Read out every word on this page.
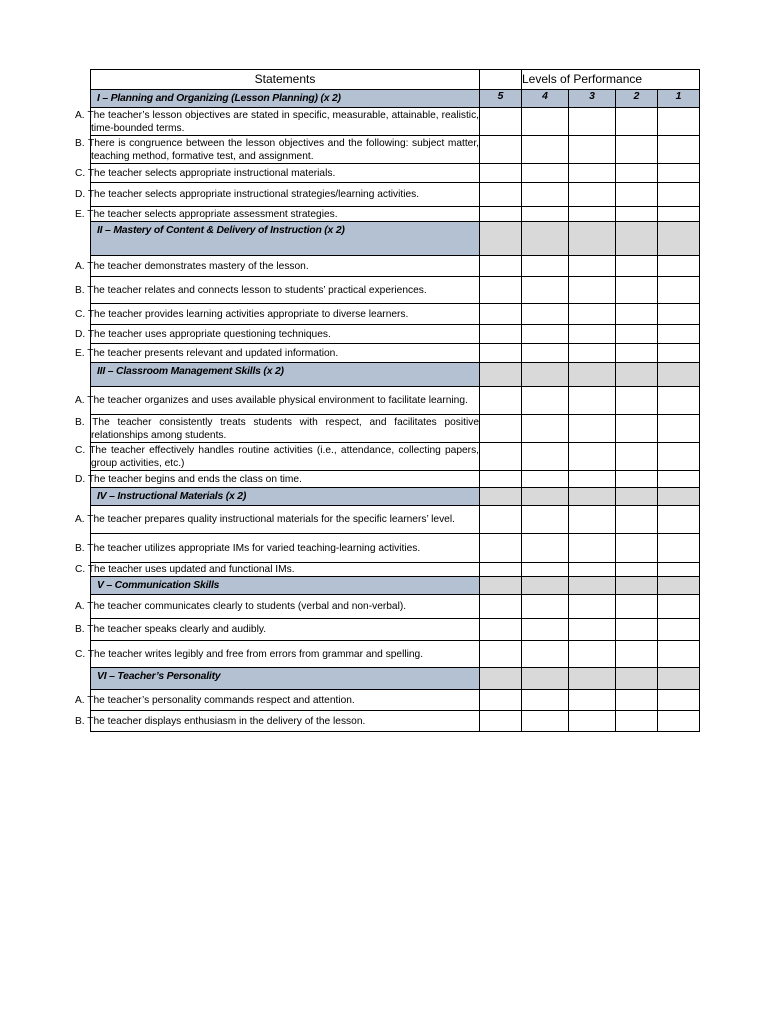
Statements		Levels of Performance			
I – Planning and Organizing (Lesson Planning) (x 2)	5	4	3	2	1
A. The teacher’s lesson objectives are stated in specific, measurable, attainable, realistic, time-bounded terms.					
B. There is congruence between the lesson objectives and the following: subject matter, teaching method, formative test, and assignment.					
C. The teacher selects appropriate instructional materials.					
D. The teacher selects appropriate instructional strategies/learning activities.					
E. The teacher selects appropriate assessment strategies.					
II – Mastery of Content & Delivery of Instruction (x 2)					
A. The teacher demonstrates mastery of the lesson.					
B. The teacher relates and connects lesson to students’ practical experiences.					
C. The teacher provides learning activities appropriate to diverse learners.					
D. The teacher uses appropriate questioning techniques.					
E. The teacher presents relevant and updated information.					
III – Classroom Management Skills (x 2)					
A. The teacher organizes and uses available physical environment to facilitate learning.					
B. The teacher consistently treats students with respect, and facilitates positive relationships among students.					
C. The teacher effectively handles routine activities (i.e., attendance, collecting papers, group activities, etc.)					
D. The teacher begins and ends the class on time.					
IV – Instructional Materials (x 2)					
A. The teacher prepares quality instructional materials for the specific learners’ level.					
B. The teacher utilizes appropriate IMs for varied teaching-learning activities.					
C. The teacher uses updated and functional IMs.					
V – Communication Skills					
A. The teacher communicates clearly to students (verbal and non-verbal).					
B. The teacher speaks clearly and audibly.					
C. The teacher writes legibly and free from errors from grammar and spelling.					
VI – Teacher’s Personality					
A. The teacher’s personality commands respect and attention.					
B. The teacher displays enthusiasm in the delivery of the lesson.					
